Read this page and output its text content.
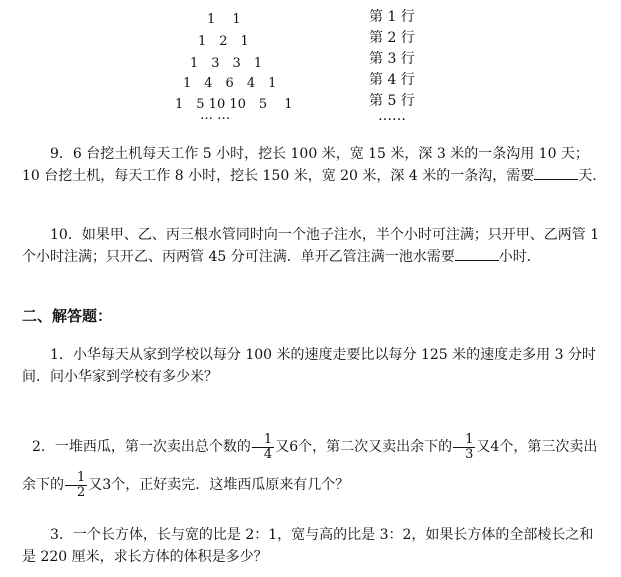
1　 1
1　2　1
1　3　3　1
1　4　6　4　1
1　5 10 10　5　 1
… …
第 1 行
第 2 行
第 3 行
第 4 行
第 5 行
……

9．6 台挖土机每天工作 5 小时，挖长 100 米，宽 15 米，深 3 米的一条沟用 10 天；10 台挖土机，每天工作 8 小时，挖长 150 米，宽 20 米，深 4 米的一条沟，需要	天.

10．如果甲、乙、丙三根水管同时向一个池子注水，半个小时可注满；只开甲、乙两管 1 个小时注满；只开乙、丙两管 45 分可注满．单开乙管注满一池水需要	小时.

二、解答题：

1．小华每天从家到学校以每分 100 米的速度走要比以每分 125 米的速度走多用 3 分时间．问小华家到学校有多少米？

2．一堆西瓜，第一次卖出总个数的 $\frac{1}{4}$ 又6个，第二次又卖出余下的 $\frac{1}{3}$ 又4个，第三次卖出余下的 $\frac{1}{2}$ 又3个，正好卖完．这堆西瓜原来有几个？

3．一个长方体，长与宽的比是 2：1，宽与高的比是 3：2，如果长方体的全部棱长之和是 220 厘米，求长方体的体积是多少？
